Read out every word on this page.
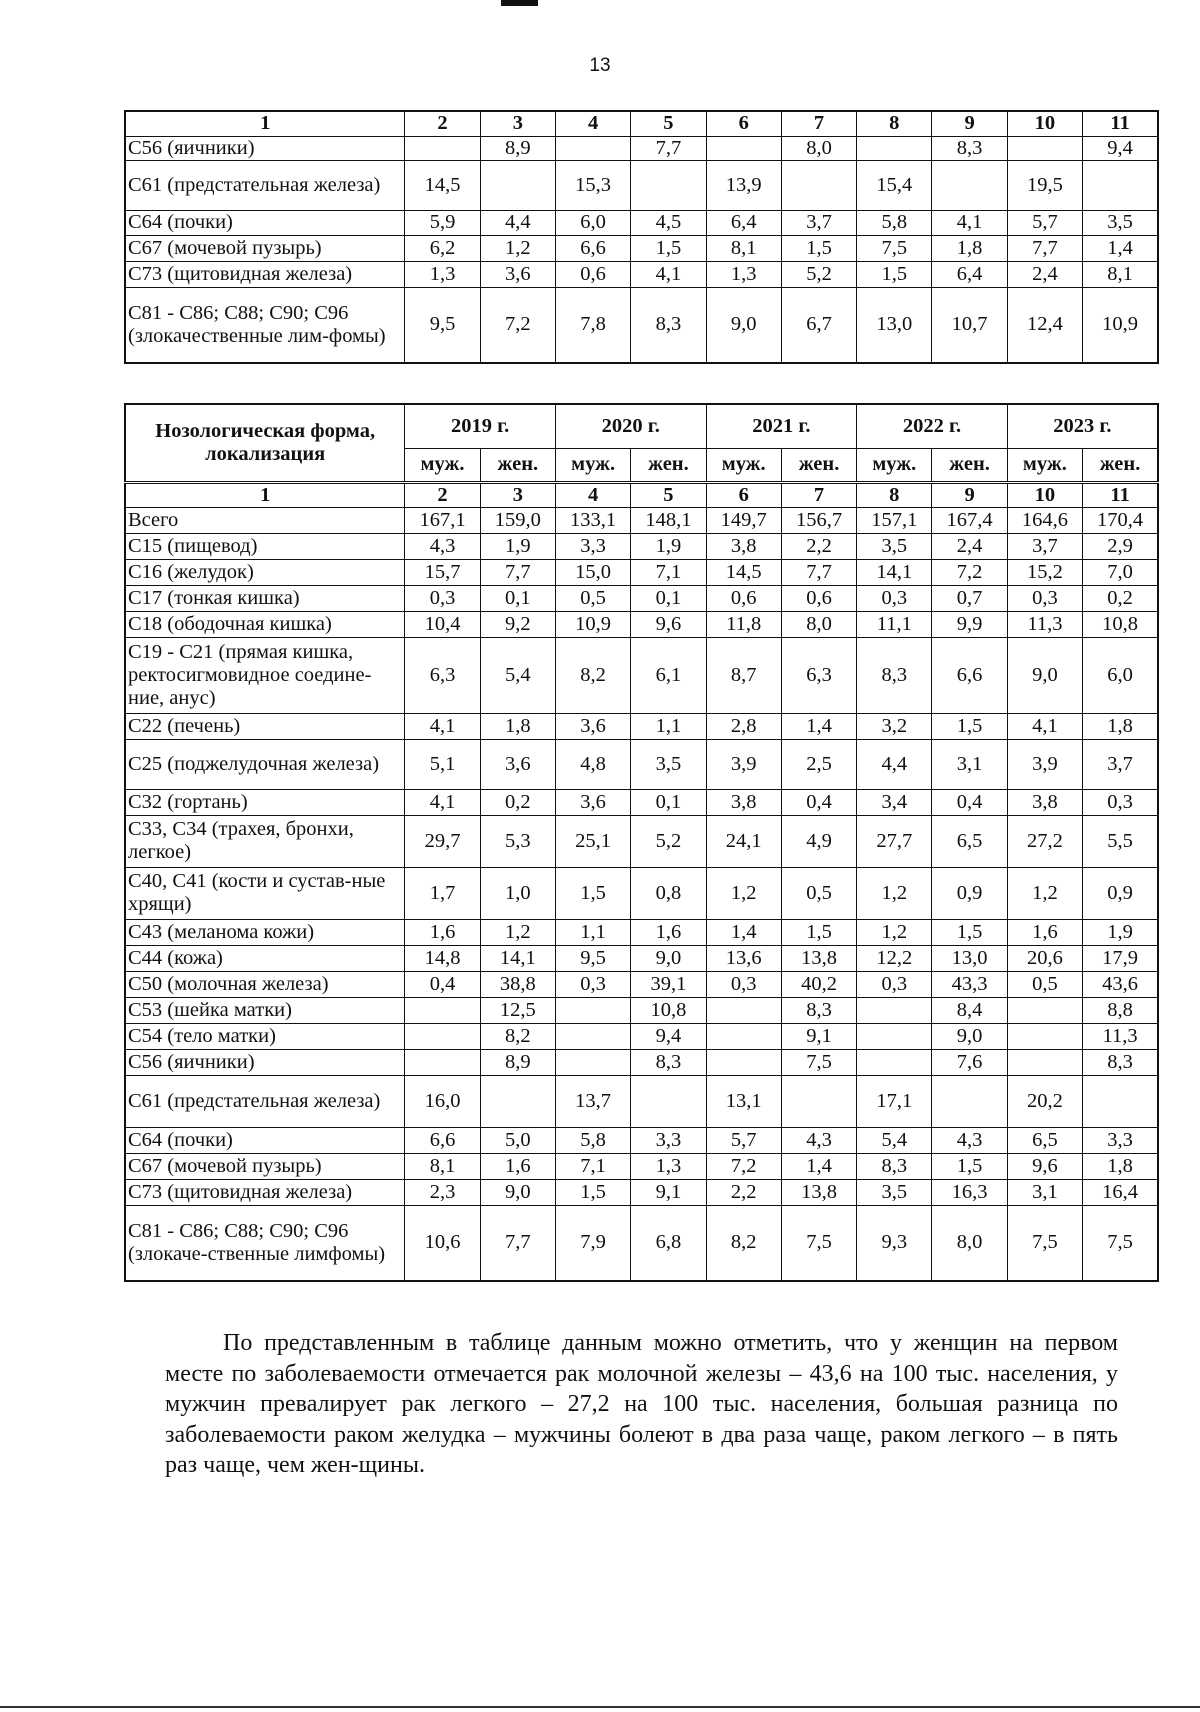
13
1	2	3	4	5	6	7	8	9	10	11
С56 (яичники)		8,9		7,7		8,0		8,3		9,4
С61 (предстательная железа)	14,5		15,3		13,9		15,4		19,5	
С64 (почки)	5,9	4,4	6,0	4,5	6,4	3,7	5,8	4,1	5,7	3,5
С67 (мочевой пузырь)	6,2	1,2	6,6	1,5	8,1	1,5	7,5	1,8	7,7	1,4
С73 (щитовидная железа)	1,3	3,6	0,6	4,1	1,3	5,2	1,5	6,4	2,4	8,1
С81 - С86; С88; С90; С96 (злокачественные лим-фомы)	9,5	7,2	7,8	8,3	9,0	6,7	13,0	10,7	12,4	10,9
Нозологическая форма, локализация	2019 г.		2020 г.		2021 г.		2022 г.		2023 г.	
	муж.	жен.	муж.	жен.	муж.	жен.	муж.	жен.	муж.	жен.
1	2	3	4	5	6	7	8	9	10	11
Всего	167,1	159,0	133,1	148,1	149,7	156,7	157,1	167,4	164,6	170,4
С15 (пищевод)	4,3	1,9	3,3	1,9	3,8	2,2	3,5	2,4	3,7	2,9
С16 (желудок)	15,7	7,7	15,0	7,1	14,5	7,7	14,1	7,2	15,2	7,0
С17 (тонкая кишка)	0,3	0,1	0,5	0,1	0,6	0,6	0,3	0,7	0,3	0,2
С18 (ободочная кишка)	10,4	9,2	10,9	9,6	11,8	8,0	11,1	9,9	11,3	10,8
С19 - С21 (прямая кишка, ректосигмовидное соедине-ние, анус)	6,3	5,4	8,2	6,1	8,7	6,3	8,3	6,6	9,0	6,0
С22 (печень)	4,1	1,8	3,6	1,1	2,8	1,4	3,2	1,5	4,1	1,8
С25 (поджелудочная железа)	5,1	3,6	4,8	3,5	3,9	2,5	4,4	3,1	3,9	3,7
С32 (гортань)	4,1	0,2	3,6	0,1	3,8	0,4	3,4	0,4	3,8	0,3
С33, С34 (трахея, бронхи, легкое)	29,7	5,3	25,1	5,2	24,1	4,9	27,7	6,5	27,2	5,5
С40, С41 (кости и сустав-ные хрящи)	1,7	1,0	1,5	0,8	1,2	0,5	1,2	0,9	1,2	0,9
С43 (меланома кожи)	1,6	1,2	1,1	1,6	1,4	1,5	1,2	1,5	1,6	1,9
С44 (кожа)	14,8	14,1	9,5	9,0	13,6	13,8	12,2	13,0	20,6	17,9
С50 (молочная железа)	0,4	38,8	0,3	39,1	0,3	40,2	0,3	43,3	0,5	43,6
С53 (шейка матки)		12,5		10,8		8,3		8,4		8,8
С54 (тело матки)		8,2		9,4		9,1		9,0		11,3
С56 (яичники)		8,9		8,3		7,5		7,6		8,3
С61 (предстательная железа)	16,0		13,7		13,1		17,1		20,2	
С64 (почки)	6,6	5,0	5,8	3,3	5,7	4,3	5,4	4,3	6,5	3,3
С67 (мочевой пузырь)	8,1	1,6	7,1	1,3	7,2	1,4	8,3	1,5	9,6	1,8
С73 (щитовидная железа)	2,3	9,0	1,5	9,1	2,2	13,8	3,5	16,3	3,1	16,4
С81 - С86; С88; С90; С96 (злокаче-ственные лимфомы)	10,6	7,7	7,9	6,8	8,2	7,5	9,3	8,0	7,5	7,5
По представленным в таблице данным можно отметить, что у женщин на первом месте по заболеваемости отмечается рак молочной железы – 43,6 на 100 тыс. населения, у мужчин превалирует рак легкого – 27,2 на 100 тыс. населения, большая разница по заболеваемости раком желудка – мужчины болеют в два раза чаще, раком легкого – в пять раз чаще, чем жен-щины.
